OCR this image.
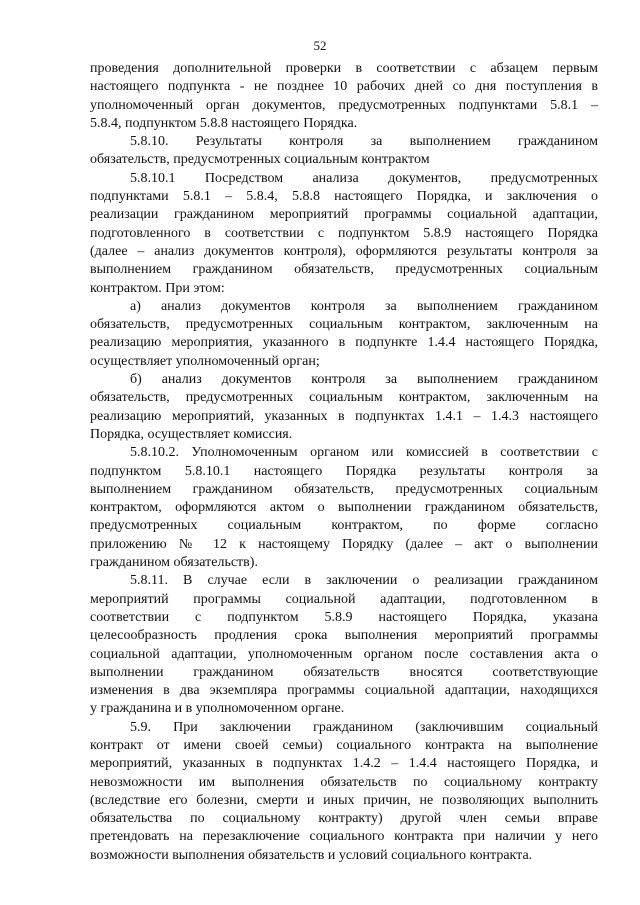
52
проведения дополнительной проверки в соответствии с абзацем первым
настоящего подпункта - не позднее 10 рабочих дней со дня поступления в
уполномоченный орган документов, предусмотренных подпунктами 5.8.1 –
5.8.4, подпунктом 5.8.8 настоящего Порядка.
5.8.10. Результаты контроля за выполнением гражданином
обязательств, предусмотренных социальным контрактом
5.8.10.1 Посредством анализа документов, предусмотренных
подпунктами 5.8.1 – 5.8.4, 5.8.8 настоящего Порядка, и заключения о
реализации гражданином мероприятий программы социальной адаптации,
подготовленного в соответствии с подпунктом 5.8.9 настоящего Порядка
(далее – анализ документов контроля), оформляются результаты контроля за
выполнением гражданином обязательств, предусмотренных социальным
контрактом. При этом:
а) анализ документов контроля за выполнением гражданином
обязательств, предусмотренных социальным контрактом, заключенным на
реализацию мероприятия, указанного в подпункте 1.4.4 настоящего Порядка,
осуществляет уполномоченный орган;
б) анализ документов контроля за выполнением гражданином
обязательств, предусмотренных социальным контрактом, заключенным на
реализацию мероприятий, указанных в подпунктах 1.4.1 – 1.4.3 настоящего
Порядка, осуществляет комиссия.
5.8.10.2. Уполномоченным органом или комиссией в соответствии с
подпунктом 5.8.10.1 настоящего Порядка результаты контроля за
выполнением гражданином обязательств, предусмотренных социальным
контрактом, оформляются актом о выполнении гражданином обязательств,
предусмотренных социальным контрактом, по форме согласно
приложению № 12 к настоящему Порядку (далее – акт о выполнении
гражданином обязательств).
5.8.11. В случае если в заключении о реализации гражданином
мероприятий программы социальной адаптации, подготовленном в
соответствии с подпунктом 5.8.9 настоящего Порядка, указана
целесообразность продления срока выполнения мероприятий программы
социальной адаптации, уполномоченным органом после составления акта о
выполнении гражданином обязательств вносятся соответствующие
изменения в два экземпляра программы социальной адаптации, находящихся
у гражданина и в уполномоченном органе.
5.9. При заключении гражданином (заключившим социальный
контракт от имени своей семьи) социального контракта на выполнение
мероприятий, указанных в подпунктах 1.4.2 – 1.4.4 настоящего Порядка, и
невозможности им выполнения обязательств по социальному контракту
(вследствие его болезни, смерти и иных причин, не позволяющих выполнить
обязательства по социальному контракту) другой член семьи вправе
претендовать на перезаключение социального контракта при наличии у него
возможности выполнения обязательств и условий социального контракта.
